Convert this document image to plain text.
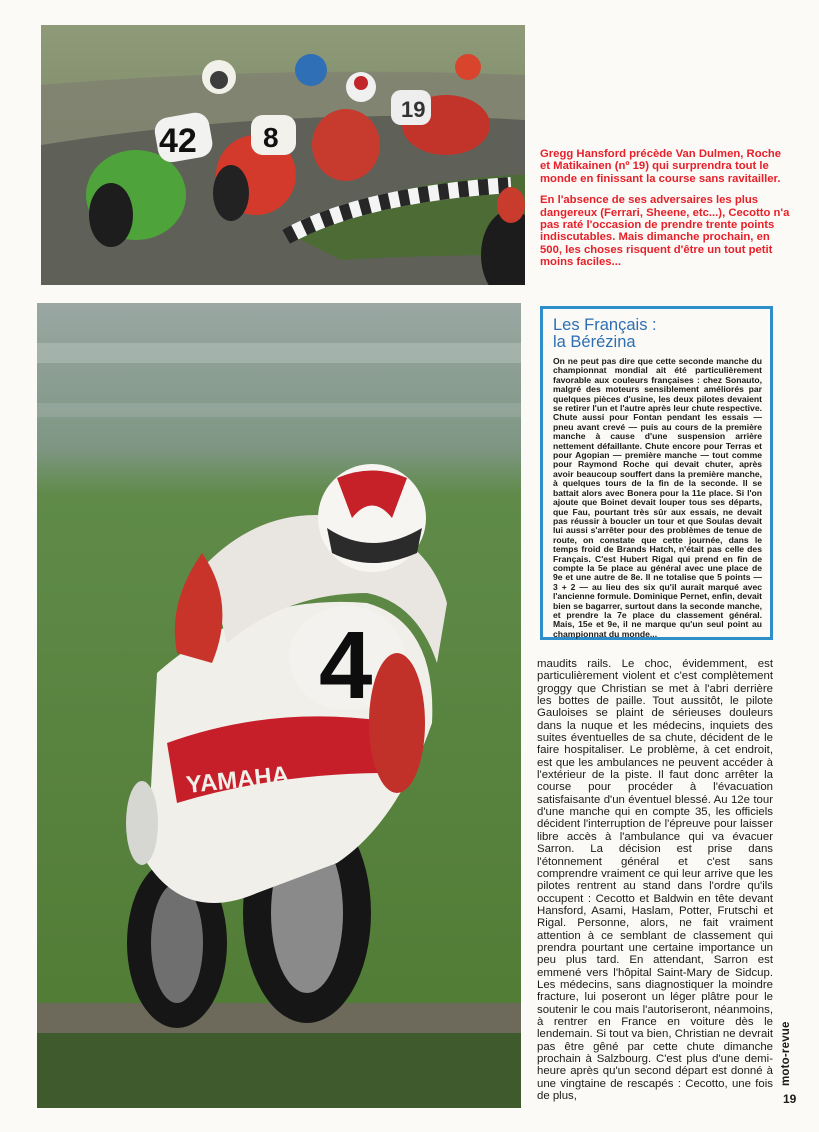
42 8
19
YAMAHA
4

Gregg Hansford précède Van Dulmen, Roche et Matikainen (nº 19) qui surprendra tout le monde en finissant la course sans ravitailler.

En l'absence de ses adversaires les plus dangereux (Ferrari, Sheene, etc...), Cecotto n'a pas raté l'occasion de prendre trente points indiscutables. Mais dimanche prochain, en 500, les choses risquent d'être un tout petit moins faciles...

Les Français :
la Bérézina

On ne peut pas dire que cette seconde manche du championnat mondial ait été particulièrement favorable aux couleurs françaises : chez Sonauto, malgré des moteurs sensiblement améliorés par quelques pièces d'usine, les deux pilotes devaient se retirer l'un et l'autre après leur chute respective. Chute aussi pour Fontan pendant les essais — pneu avant crevé — puis au cours de la première manche à cause d'une suspension arrière nettement défaillante. Chute encore pour Terras et pour Agopian — première manche — tout comme pour Raymond Roche qui devait chuter, après avoir beaucoup souffert dans la première manche, à quelques tours de la fin de la seconde. Il se battait alors avec Bonera pour la 11e place. Si l'on ajoute que Boinet devait louper tous ses départs, que Fau, pourtant très sûr aux essais, ne devait pas réussir à boucler un tour et que Soulas devait lui aussi s'arrêter pour des problèmes de tenue de route, on constate que cette journée, dans le temps froid de Brands Hatch, n'était pas celle des Français. C'est Hubert Rigal qui prend en fin de compte la 5e place au général avec une place de 9e et une autre de 8e. Il ne totalise que 5 points — 3 + 2 — au lieu des six qu'il aurait marqué avec l'ancienne formule. Dominique Pernet, enfin, devait bien se bagarrer, surtout dans la seconde manche, et prendre la 7e place du classement général. Mais, 15e et 9e, il ne marque qu'un seul point au championnat du monde...

maudits rails. Le choc, évidemment, est particulièrement violent et c'est complètement groggy que Christian se met à l'abri derrière les bottes de paille. Tout aussitôt, le pilote Gauloises se plaint de sérieuses douleurs dans la nuque et les médecins, inquiets des suites éventuelles de sa chute, décident de le faire hospitaliser. Le problème, à cet endroit, est que les ambulances ne peuvent accéder à l'extérieur de la piste. Il faut donc arrêter la course pour procéder à l'évacuation satisfaisante d'un éventuel blessé. Au 12e tour d'une manche qui en compte 35, les officiels décident l'interruption de l'épreuve pour laisser libre accès à l'ambulance qui va évacuer Sarron. La décision est prise dans l'étonnement général et c'est sans comprendre vraiment ce qui leur arrive que les pilotes rentrent au stand dans l'ordre qu'ils occupent : Cecotto et Baldwin en tête devant Hansford, Asami, Haslam, Potter, Frutschi et Rigal. Personne, alors, ne fait vraiment attention à ce semblant de classement qui prendra pourtant une certaine importance un peu plus tard. En attendant, Sarron est emmené vers l'hôpital Saint-Mary de Sidcup. Les médecins, sans diagnostiquer la moindre fracture, lui poseront un léger plâtre pour le soutenir le cou mais l'autoriseront, néanmoins, à rentrer en France en voiture dès le lendemain. Si tout va bien, Christian ne devrait pas être gêné par cette chute dimanche prochain à Salzbourg. C'est plus d'une demi-heure après qu'un second départ est donné à une vingtaine de rescapés : Cecotto, une fois de plus,

moto-revue
19
